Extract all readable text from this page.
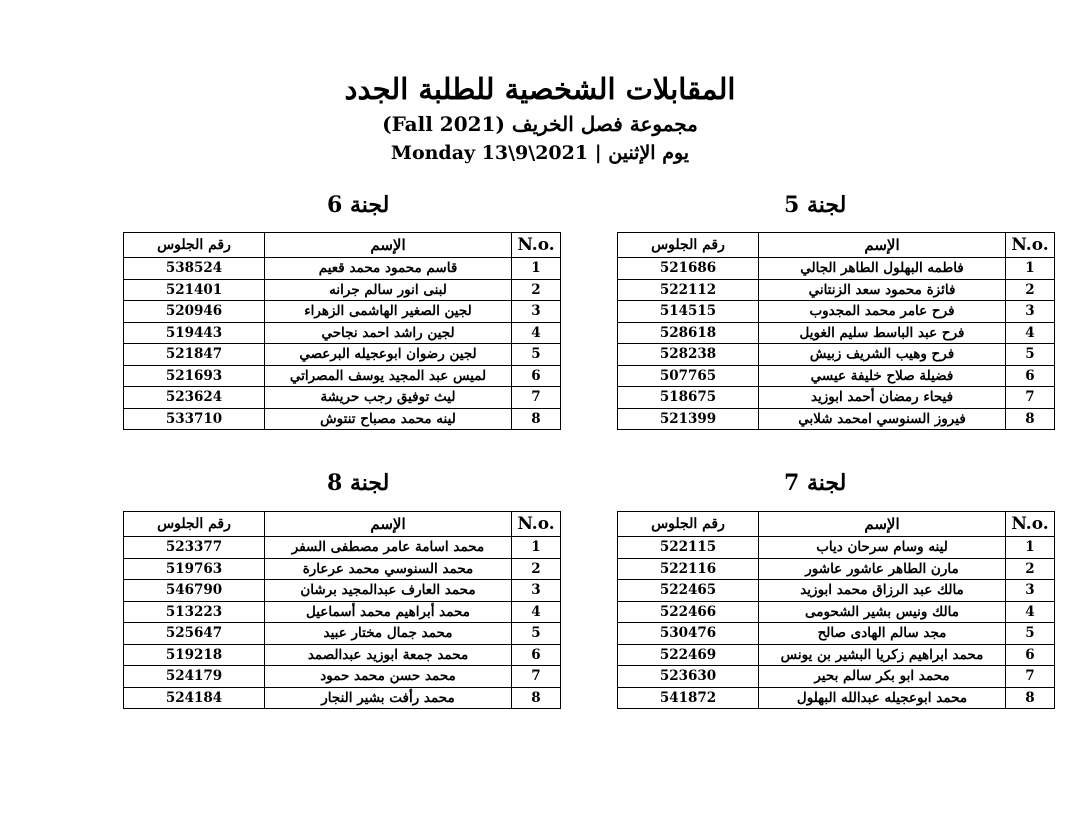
المقابلات الشخصية للطلبة الجدد
مجموعة فصل الخريف (Fall 2021)
يوم الإثنين | Monday 13\9\2021
لجنة 5
رقم الجلوس	الإسم	N.o.
521686	فاطمه البهلول الطاهر الجالي	1
522112	فائزة محمود سعد الزنتاني	2
514515	فرح عامر محمد المجدوب	3
528618	فرح عبد الباسط سليم الغويل	4
528238	فرح وهيب الشريف زبيش	5
507765	فضيلة صلاح خليفة عيسي	6
518675	فيحاء رمضان أحمد ابوزيد	7
521399	فيروز السنوسي امحمد شلابي	8
لجنة 6
رقم الجلوس	الإسم	N.o.
538524	قاسم محمود محمد قعيم	1
521401	لبنى انور سالم جرانه	2
520946	لجين الصغير الهاشمى الزهراء	3
519443	لجين راشد احمد نجاحي	4
521847	لجين رضوان ابوعجيله البرعصي	5
521693	لميس عبد المجيد يوسف المصراتي	6
523624	ليث توفيق رجب حريشة	7
533710	لينه محمد مصباح تنتوش	8
لجنة 7
رقم الجلوس	الإسم	N.o.
522115	لينه وسام سرحان دياب	1
522116	مارن الطاهر عاشور عاشور	2
522465	مالك عبد الرزاق محمد ابوزيد	3
522466	مالك ونيس بشير الشحومى	4
530476	مجد سالم الهادى صالح	5
522469	محمد ابراهيم زكريا البشير بن يونس	6
523630	محمد ابو بكر سالم بحير	7
541872	محمد ابوعجيله عبدالله البهلول	8
لجنة 8
رقم الجلوس	الإسم	N.o.
523377	محمد اسامة عامر مصطفى السفر	1
519763	محمد السنوسي محمد عرعارة	2
546790	محمد العارف عبدالمجيد برشان	3
513223	محمد أبراهيم محمد أسماعيل	4
525647	محمد جمال مختار عبيد	5
519218	محمد جمعة ابوزيد عبدالصمد	6
524179	محمد حسن محمد حمود	7
524184	محمد رأفت بشير النجار	8
